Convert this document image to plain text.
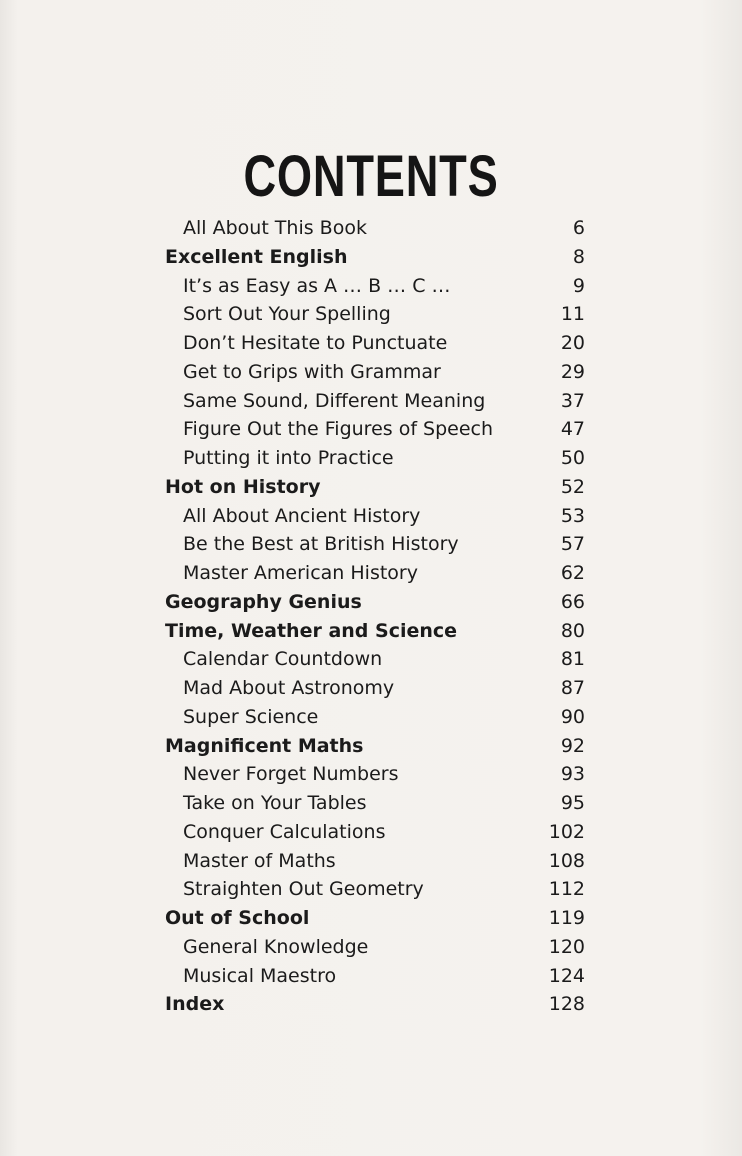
CONTENTS
All About This Book	6
Excellent English	8
It’s as Easy as A … B … C …	9
Sort Out Your Spelling	11
Don’t Hesitate to Punctuate	20
Get to Grips with Grammar	29
Same Sound, Different Meaning	37
Figure Out the Figures of Speech	47
Putting it into Practice	50
Hot on History	52
All About Ancient History	53
Be the Best at British History	57
Master American History	62
Geography Genius	66
Time, Weather and Science	80
Calendar Countdown	81
Mad About Astronomy	87
Super Science	90
Magnificent Maths	92
Never Forget Numbers	93
Take on Your Tables	95
Conquer Calculations	102
Master of Maths	108
Straighten Out Geometry	112
Out of School	119
General Knowledge	120
Musical Maestro	124
Index	128
